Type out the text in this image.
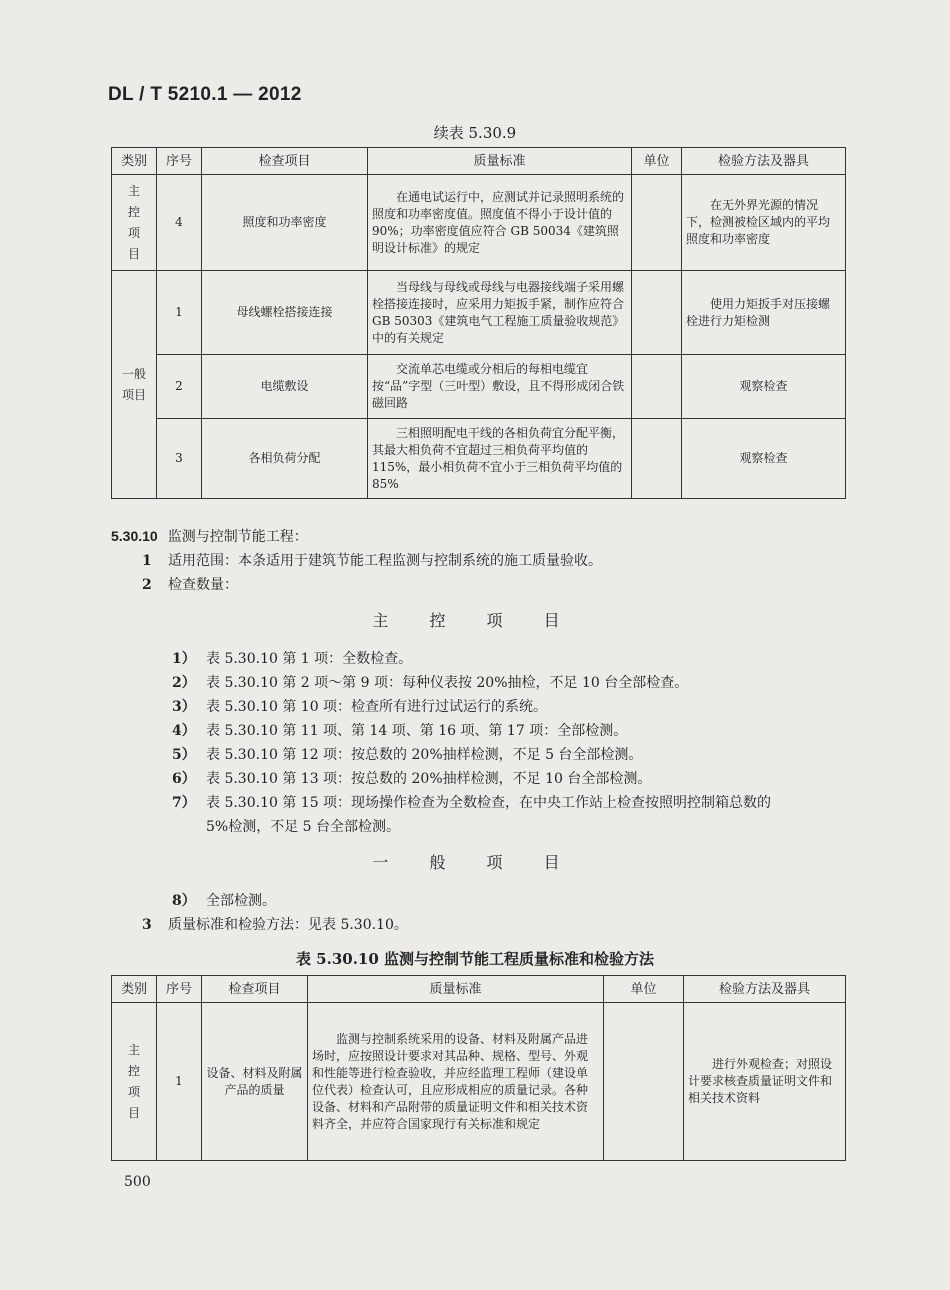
DL / T 5210.1 — 2012
续表 5.30.9
类别	序号	检查项目	质量标准	单位	检验方法及器具

主
控
项
目	4	照度和功率密度	在通电试运行中，应测试并记录照明系统的照度和功率密度值。照度值不得小于设计值的 90%；功率密度值应符合 GB 50034《建筑照明设计标准》的规定		在无外界光源的情况下，检测被检区域内的平均照度和功率密度

一般
项目	1	母线螺栓搭接连接	当母线与母线或母线与电器接线端子采用螺栓搭接连接时，应采用力矩扳手紧，制作应符合 GB 50303《建筑电气工程施工质量验收规范》中的有关规定		使用力矩扳手对压接螺栓进行力矩检测
	2	电缆敷设	交流单芯电缆或分相后的每相电缆宜按“品”字型（三叶型）敷设，且不得形成闭合铁磁回路		观察检查
	3	各相负荷分配	三相照明配电干线的各相负荷宜分配平衡，其最大相负荷不宜超过三相负荷平均值的 115%，最小相负荷不宜小于三相负荷平均值的 85%		观察检查
5.30.10 监测与控制节能工程：
1 适用范围：本条适用于建筑节能工程监测与控制系统的施工质量验收。
2 检查数量：
主 控 项 目
1） 表 5.30.10 第 1 项：全数检查。
2） 表 5.30.10 第 2 项～第 9 项：每种仪表按 20%抽检，不足 10 台全部检查。
3） 表 5.30.10 第 10 项：检查所有进行过试运行的系统。
4） 表 5.30.10 第 11 项、第 14 项、第 16 项、第 17 项：全部检测。
5） 表 5.30.10 第 12 项：按总数的 20%抽样检测，不足 5 台全部检测。
6） 表 5.30.10 第 13 项：按总数的 20%抽样检测，不足 10 台全部检测。
7） 表 5.30.10 第 15 项：现场操作检查为全数检查，在中央工作站上检查按照明控制箱总数的
5%检测，不足 5 台全部检测。
一 般 项 目
8） 全部检测。
3 质量标准和检验方法：见表 5.30.10。
表 5.30.10 监测与控制节能工程质量标准和检验方法
类别	序号	检查项目	质量标准	单位	检验方法及器具

主
控
项
目	1	设备、材料及附属产品的质量	监测与控制系统采用的设备、材料及附属产品进场时，应按照设计要求对其品种、规格、型号、外观和性能等进行检查验收，并应经监理工程师（建设单位代表）检查认可，且应形成相应的质量记录。各种设备、材料和产品附带的质量证明文件和相关技术资料齐全，并应符合国家现行有关标准和规定		进行外观检查；对照设计要求核查质量证明文件和相关技术资料
500
